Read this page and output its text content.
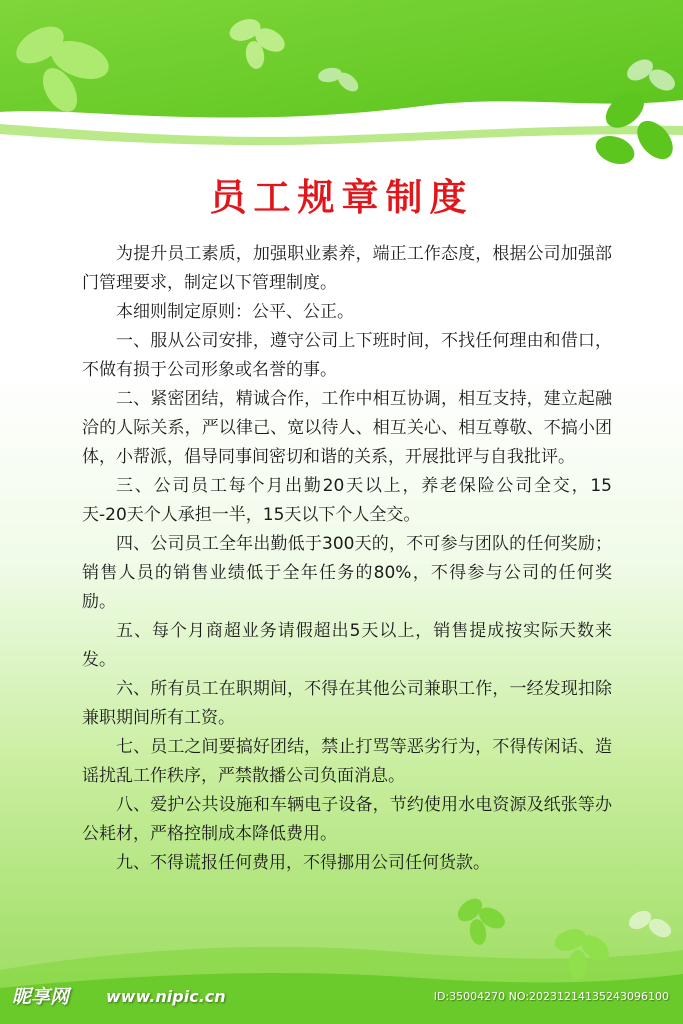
员工规章制度

为提升员工素质，加强职业素养，端正工作态度，根据公司加强部门管理要求，制定以下管理制度。

本细则制定原则：公平、公正。

一、服从公司安排，遵守公司上下班时间，不找任何理由和借口，不做有损于公司形象或名誉的事。

二、紧密团结，精诚合作，工作中相互协调，相互支持，建立起融洽的人际关系，严以律己、宽以待人、相互关心、相互尊敬、不搞小团体，小帮派，倡导同事间密切和谐的关系，开展批评与自我批评。

三、公司员工每个月出勤20天以上，养老保险公司全交，15天-20天个人承担一半，15天以下个人全交。

四、公司员工全年出勤低于300天的，不可参与团队的任何奖励；销售人员的销售业绩低于全年任务的80%，不得参与公司的任何奖励。

五、每个月商超业务请假超出5天以上，销售提成按实际天数来发。

六、所有员工在职期间，不得在其他公司兼职工作，一经发现扣除兼职期间所有工资。

七、员工之间要搞好团结，禁止打骂等恶劣行为，不得传闲话、造谣扰乱工作秩序，严禁散播公司负面消息。

八、爱护公共设施和车辆电子设备，节约使用水电资源及纸张等办公耗材，严格控制成本降低费用。

九、不得谎报任何费用，不得挪用公司任何货款。

昵享网 www.nipic.cn	ID:35004270 NO:20231214135243096100
